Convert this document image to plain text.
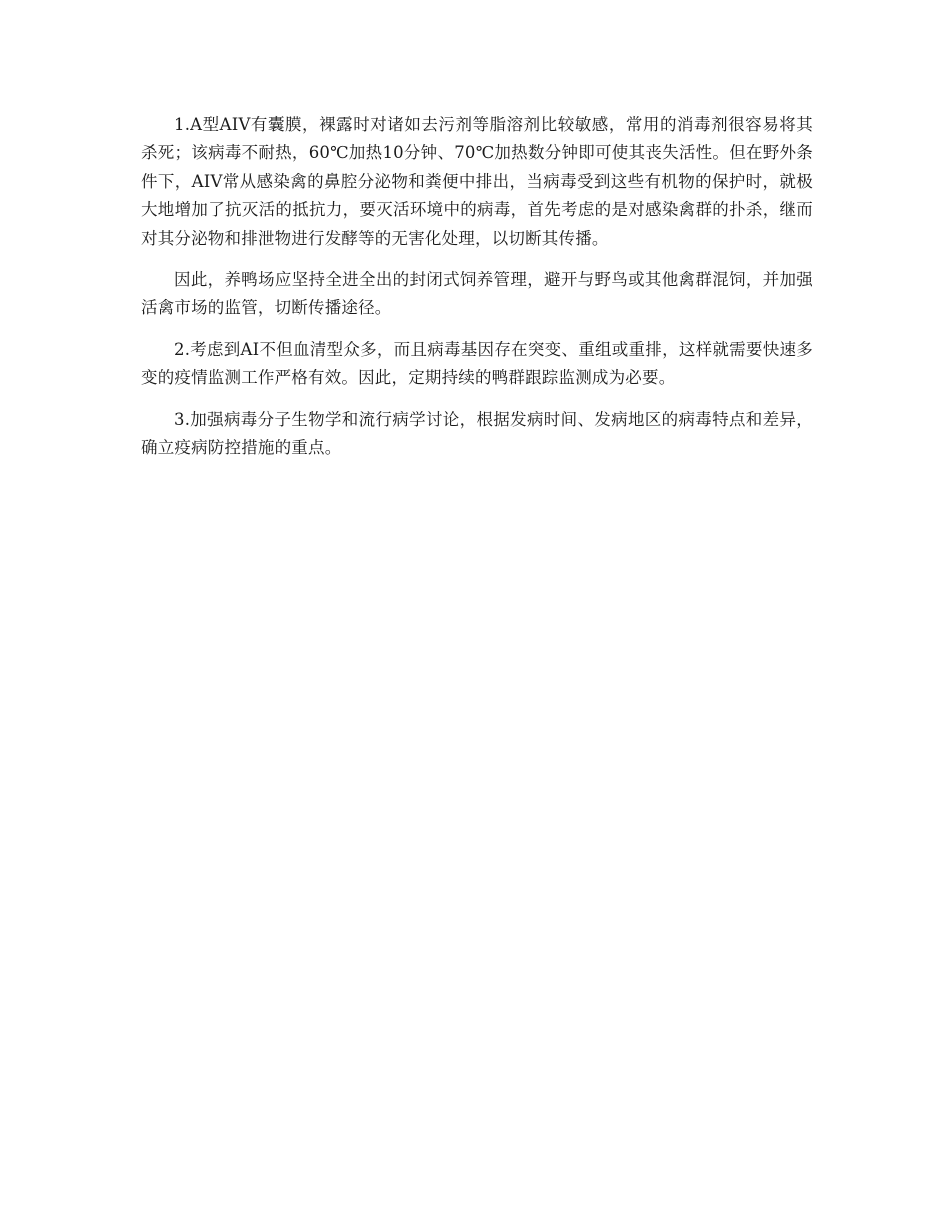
1.A型AIV有囊膜，裸露时对诸如去污剂等脂溶剂比较敏感，常用的消毒剂很容易将其杀死；该病毒不耐热，60℃加热10分钟、70℃加热数分钟即可使其丧失活性。但在野外条件下，AIV常从感染禽的鼻腔分泌物和粪便中排出，当病毒受到这些有机物的保护时，就极大地增加了抗灭活的抵抗力，要灭活环境中的病毒，首先考虑的是对感染禽群的扑杀，继而对其分泌物和排泄物进行发酵等的无害化处理，以切断其传播。

因此，养鸭场应坚持全进全出的封闭式饲养管理，避开与野鸟或其他禽群混饲，并加强活禽市场的监管，切断传播途径。

2.考虑到AI不但血清型众多，而且病毒基因存在突变、重组或重排，这样就需要快速多变的疫情监测工作严格有效。因此，定期持续的鸭群跟踪监测成为必要。

3.加强病毒分子生物学和流行病学讨论，根据发病时间、发病地区的病毒特点和差异，确立疫病防控措施的重点。
